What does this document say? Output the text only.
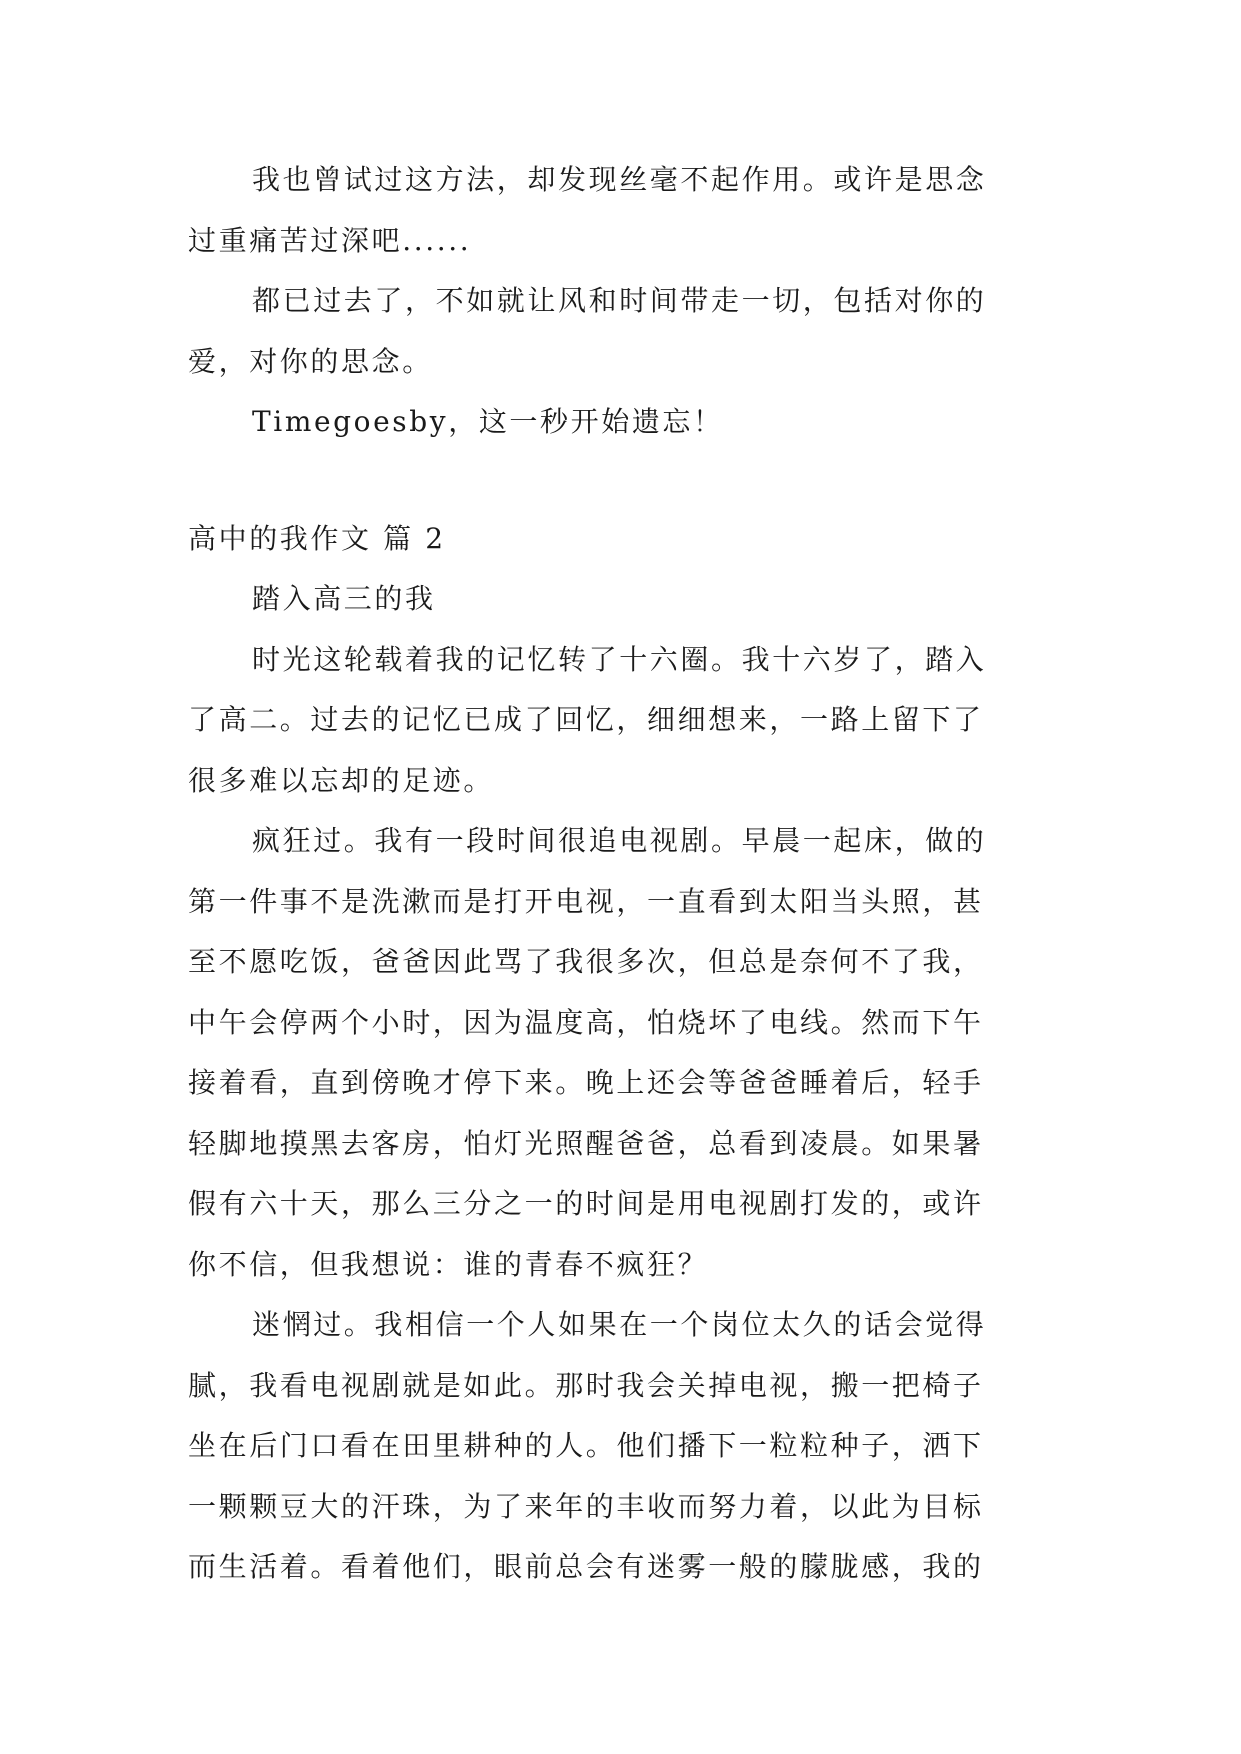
我也曾试过这方法，却发现丝毫不起作用。或许是思念
过重痛苦过深吧......

都已过去了，不如就让风和时间带走一切，包括对你的
爱，对你的思念。

Timegoesby，这一秒开始遗忘！

高中的我作文 篇 2

踏入高三的我

时光这轮载着我的记忆转了十六圈。我十六岁了，踏入
了高二。过去的记忆已成了回忆，细细想来，一路上留下了
很多难以忘却的足迹。

疯狂过。我有一段时间很追电视剧。早晨一起床，做的
第一件事不是洗漱而是打开电视，一直看到太阳当头照，甚
至不愿吃饭，爸爸因此骂了我很多次，但总是奈何不了我，
中午会停两个小时，因为温度高，怕烧坏了电线。然而下午
接着看，直到傍晚才停下来。晚上还会等爸爸睡着后，轻手
轻脚地摸黑去客房，怕灯光照醒爸爸，总看到凌晨。如果暑
假有六十天，那么三分之一的时间是用电视剧打发的，或许
你不信，但我想说：谁的青春不疯狂？

迷惘过。我相信一个人如果在一个岗位太久的话会觉得
腻，我看电视剧就是如此。那时我会关掉电视，搬一把椅子
坐在后门口看在田里耕种的人。他们播下一粒粒种子，洒下
一颗颗豆大的汗珠，为了来年的丰收而努力着，以此为目标
而生活着。看着他们，眼前总会有迷雾一般的朦胧感，我的
